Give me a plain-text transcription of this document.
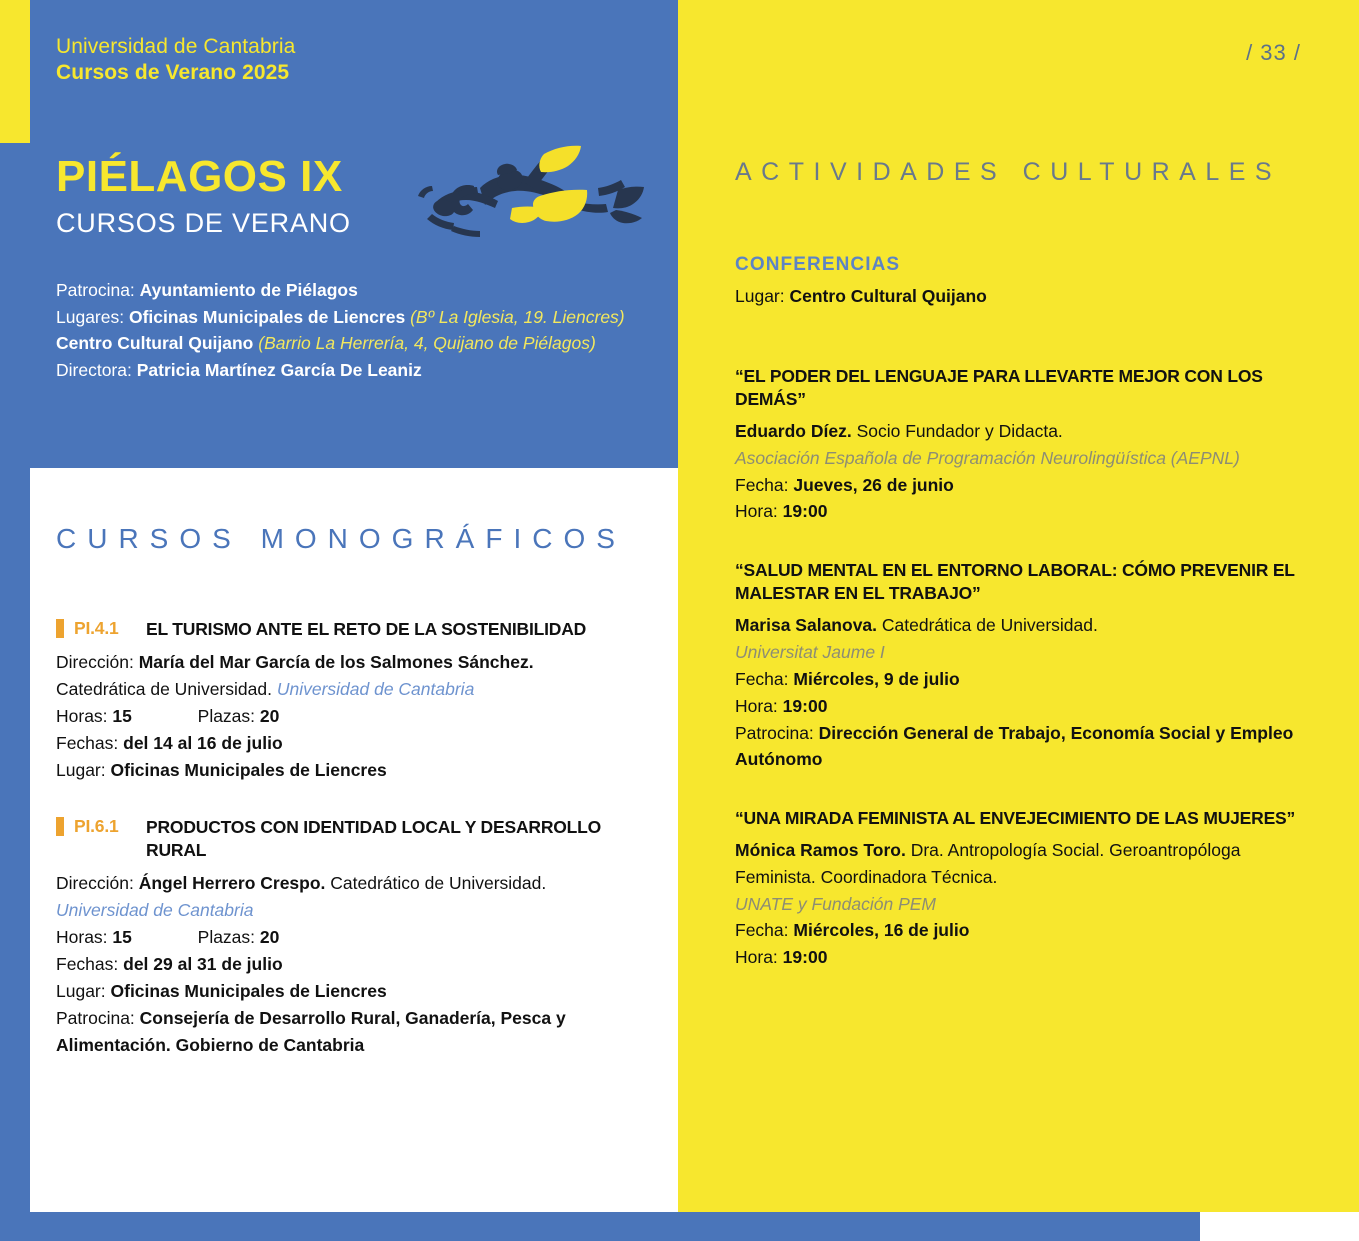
Universidad de Cantabria
Cursos de Verano 2025
PIÉLAGOS IX
CURSOS DE VERANO
Patrocina: Ayuntamiento de Piélagos
Lugares: Oficinas Municipales de Liencres (Bº La Iglesia, 19. Liencres)
Centro Cultural Quijano (Barrio La Herrería, 4, Quijano de Piélagos)
Directora: Patricia Martínez García De Leaniz
CURSOS MONOGRÁFICOS
PI.4.1	EL TURISMO ANTE EL RETO DE LA SOSTENIBILIDAD
Dirección: María del Mar García de los Salmones Sánchez.
Catedrática de Universidad. Universidad de Cantabria
Horas: 15	Plazas: 20
Fechas: del 14 al 16 de julio
Lugar: Oficinas Municipales de Liencres
PI.6.1	PRODUCTOS CON IDENTIDAD LOCAL Y DESARROLLO RURAL
Dirección: Ángel Herrero Crespo. Catedrático de Universidad.
Universidad de Cantabria
Horas: 15	Plazas: 20
Fechas: del 29 al 31 de julio
Lugar: Oficinas Municipales de Liencres
Patrocina: Consejería de Desarrollo Rural, Ganadería, Pesca y Alimentación. Gobierno de Cantabria
/ 33 /
ACTIVIDADES CULTURALES
CONFERENCIAS
Lugar: Centro Cultural Quijano
“EL PODER DEL LENGUAJE PARA LLEVARTE MEJOR CON LOS DEMÁS”
Eduardo Díez. Socio Fundador y Didacta.
Asociación Española de Programación Neurolingüística (AEPNL)
Fecha: Jueves, 26 de junio
Hora: 19:00
“SALUD MENTAL EN EL ENTORNO LABORAL: CÓMO PREVENIR EL MALESTAR EN EL TRABAJO”
Marisa Salanova. Catedrática de Universidad.
Universitat Jaume I
Fecha: Miércoles, 9 de julio
Hora: 19:00
Patrocina: Dirección General de Trabajo, Economía Social y Empleo Autónomo
“UNA MIRADA FEMINISTA AL ENVEJECIMIENTO DE LAS MUJERES”
Mónica Ramos Toro. Dra. Antropología Social. Geroantropóloga Feminista. Coordinadora Técnica.
UNATE y Fundación PEM
Fecha: Miércoles, 16 de julio
Hora: 19:00
